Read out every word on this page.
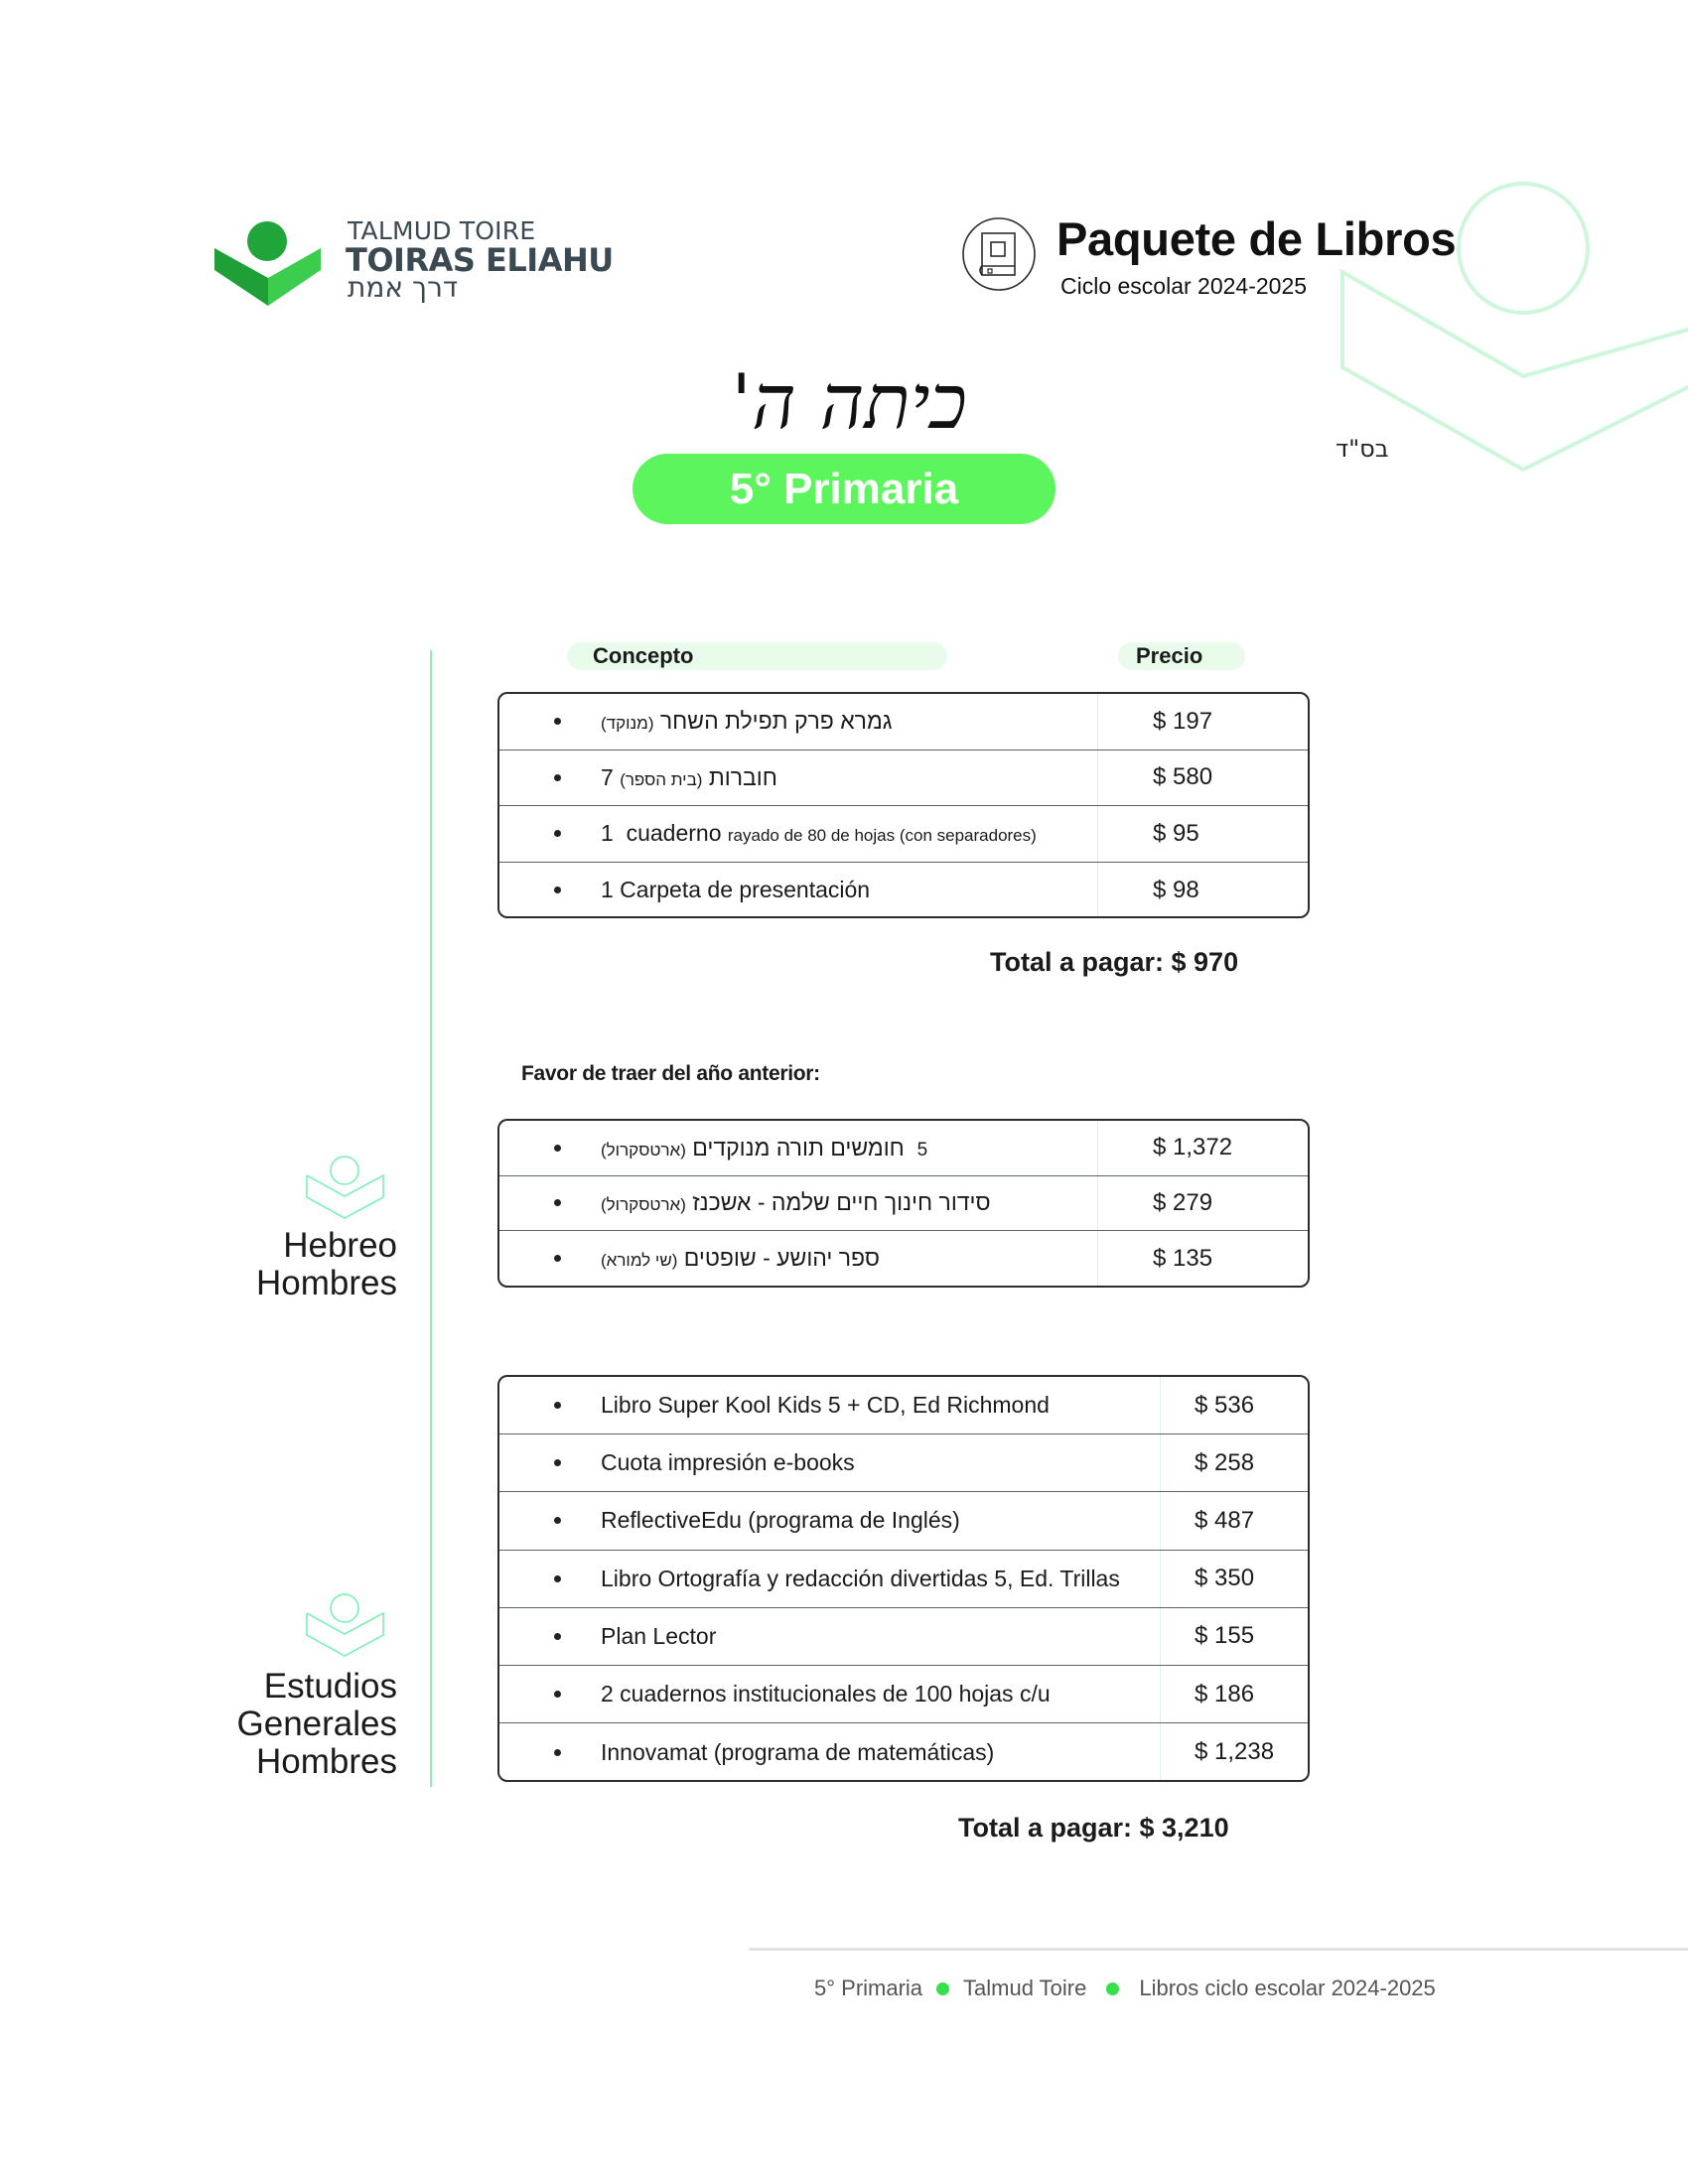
TALMUD TOIRE
TOIRAS ELIAHU
דרך אמת
Paquete de Libros
Ciclo escolar 2024-2025
בס"ד
כיתה ה'
5° Primaria
Hebreo
Hombres
Estudios
Generales
Hombres
Concepto	Precio
גמרא פרק תפילת השחר (מנוקד)	$ 197
חוברות (בית הספר) 7	$ 580
1  cuaderno rayado de 80 de hojas (con separadores)	$ 95
1 Carpeta de presentación	$ 98
Total a pagar: $ 970
Favor de traer del año anterior:
5  חומשים תורה מנוקדים (ארטסקרול)	$ 1,372
סידור חינוך חיים שלמה - אשכנז (ארטסקרול)	$ 279
ספר יהושע - שופטים (שי למורא)	$ 135
Libro Super Kool Kids 5 + CD, Ed Richmond	$ 536
Cuota impresión e-books	$ 258
ReflectiveEdu (programa de Inglés)	$ 487
Libro Ortografía y redacción divertidas 5, Ed. Trillas	$ 350
Plan Lector	$ 155
2 cuadernos institucionales de 100 hojas c/u	$ 186
Innovamat (programa de matemáticas)	$ 1,238
Total a pagar: $ 3,210
5° Primaria Talmud Toire Libros ciclo escolar 2024-2025
